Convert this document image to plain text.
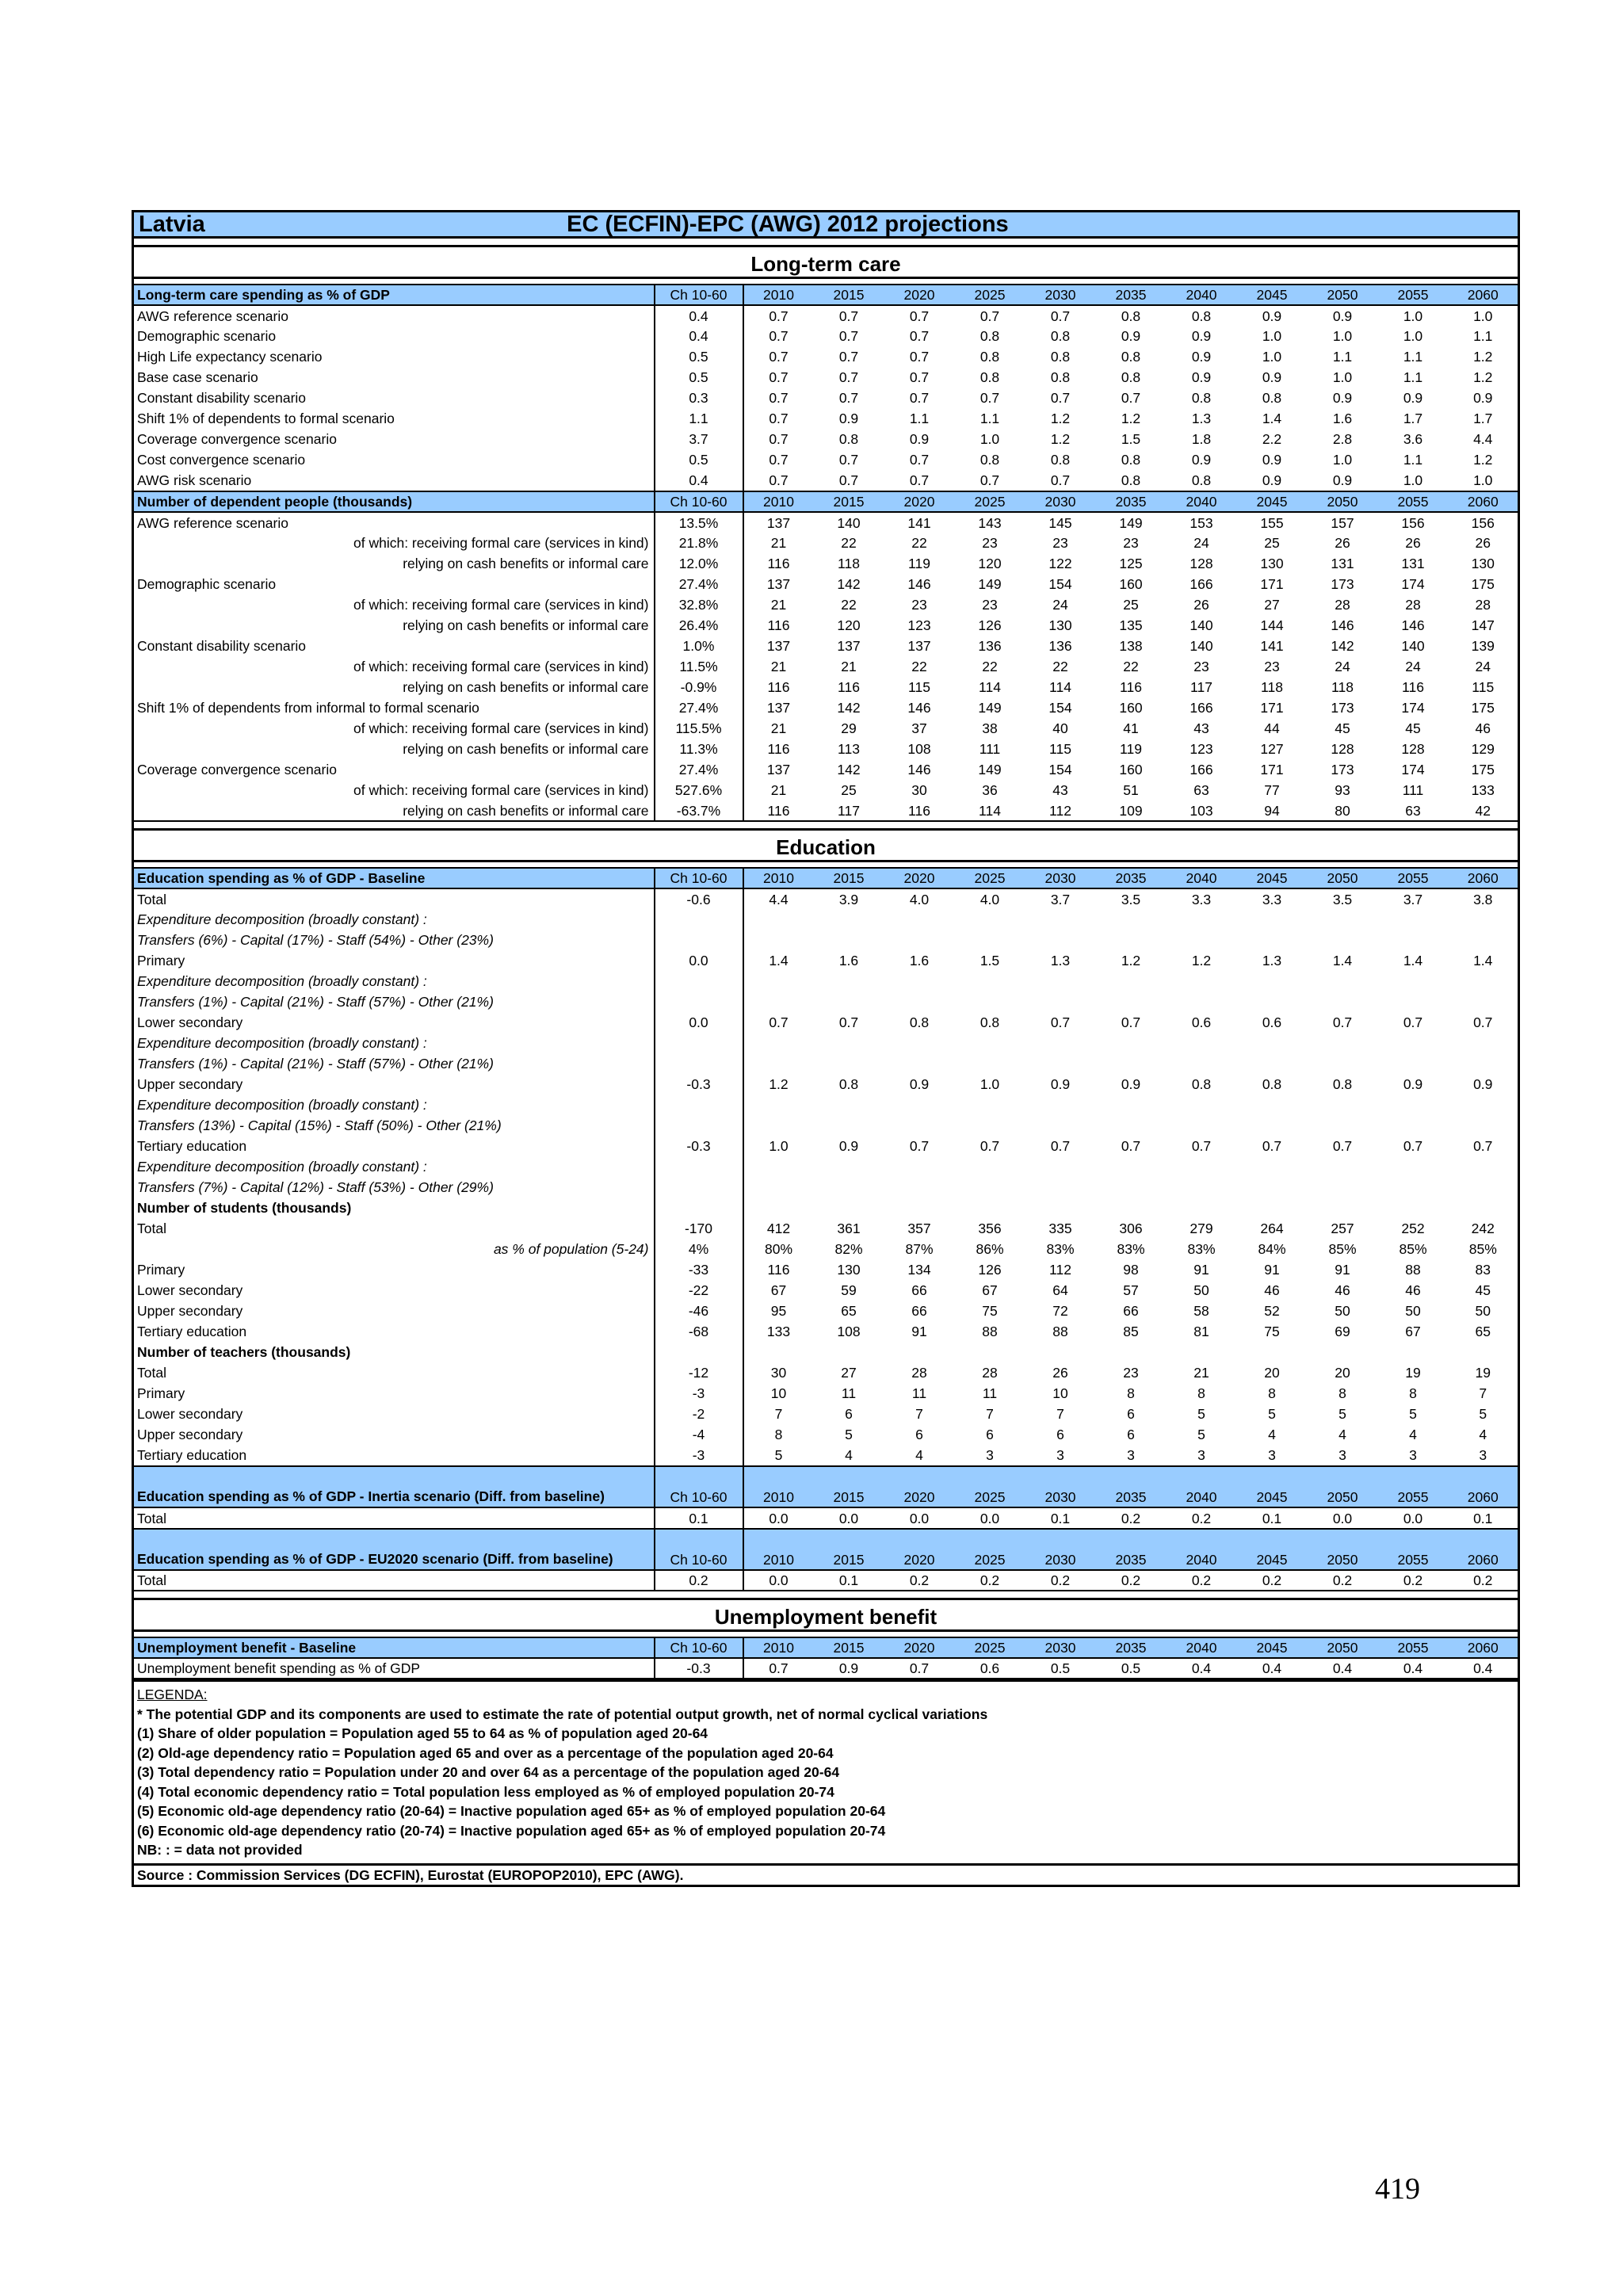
Latvia	EC (ECFIN)-EPC (AWG) 2012 projections
Long-term care
Long-term care spending as % of GDP	Ch 10-60	2010	2015	2020	2025	2030	2035	2040	2045	2050	2055	2060
AWG reference scenario	0.4	0.7	0.7	0.7	0.7	0.7	0.8	0.8	0.9	0.9	1.0	1.0
Demographic scenario	0.4	0.7	0.7	0.7	0.8	0.8	0.9	0.9	1.0	1.0	1.0	1.1
High Life expectancy scenario	0.5	0.7	0.7	0.7	0.8	0.8	0.8	0.9	1.0	1.1	1.1	1.2
Base case scenario	0.5	0.7	0.7	0.7	0.8	0.8	0.8	0.9	0.9	1.0	1.1	1.2
Constant disability scenario	0.3	0.7	0.7	0.7	0.7	0.7	0.7	0.8	0.8	0.9	0.9	0.9
Shift 1% of dependents to formal scenario	1.1	0.7	0.9	1.1	1.1	1.2	1.2	1.3	1.4	1.6	1.7	1.7
Coverage convergence scenario	3.7	0.7	0.8	0.9	1.0	1.2	1.5	1.8	2.2	2.8	3.6	4.4
Cost convergence scenario	0.5	0.7	0.7	0.7	0.8	0.8	0.8	0.9	0.9	1.0	1.1	1.2
AWG risk scenario	0.4	0.7	0.7	0.7	0.7	0.7	0.8	0.8	0.9	0.9	1.0	1.0
Number of dependent people (thousands)	Ch 10-60	2010	2015	2020	2025	2030	2035	2040	2045	2050	2055	2060
AWG reference scenario	13.5%	137	140	141	143	145	149	153	155	157	156	156
of which: receiving formal care (services in kind)	21.8%	21	22	22	23	23	23	24	25	26	26	26
relying on cash benefits or informal care	12.0%	116	118	119	120	122	125	128	130	131	131	130
Demographic scenario	27.4%	137	142	146	149	154	160	166	171	173	174	175
of which: receiving formal care (services in kind)	32.8%	21	22	23	23	24	25	26	27	28	28	28
relying on cash benefits or informal care	26.4%	116	120	123	126	130	135	140	144	146	146	147
Constant disability scenario	1.0%	137	137	137	136	136	138	140	141	142	140	139
of which: receiving formal care (services in kind)	11.5%	21	21	22	22	22	22	23	23	24	24	24
relying on cash benefits or informal care	-0.9%	116	116	115	114	114	116	117	118	118	116	115
Shift 1% of dependents from informal to formal scenario	27.4%	137	142	146	149	154	160	166	171	173	174	175
of which: receiving formal care (services in kind)	115.5%	21	29	37	38	40	41	43	44	45	45	46
relying on cash benefits or informal care	11.3%	116	113	108	111	115	119	123	127	128	128	129
Coverage convergence scenario	27.4%	137	142	146	149	154	160	166	171	173	174	175
of which: receiving formal care (services in kind)	527.6%	21	25	30	36	43	51	63	77	93	111	133
relying on cash benefits or informal care	-63.7%	116	117	116	114	112	109	103	94	80	63	42
Education
Education spending as % of GDP - Baseline	Ch 10-60	2010	2015	2020	2025	2030	2035	2040	2045	2050	2055	2060
Total	-0.6	4.4	3.9	4.0	4.0	3.7	3.5	3.3	3.3	3.5	3.7	3.8
Expenditure decomposition (broadly constant) :												
Transfers (6%) - Capital (17%) - Staff (54%) - Other (23%)												
Primary	0.0	1.4	1.6	1.6	1.5	1.3	1.2	1.2	1.3	1.4	1.4	1.4
Expenditure decomposition (broadly constant) :												
Transfers (1%) - Capital (21%) - Staff (57%) - Other (21%)												
Lower secondary	0.0	0.7	0.7	0.8	0.8	0.7	0.7	0.6	0.6	0.7	0.7	0.7
Expenditure decomposition (broadly constant) :												
Transfers (1%) - Capital (21%) - Staff (57%) - Other (21%)												
Upper secondary	-0.3	1.2	0.8	0.9	1.0	0.9	0.9	0.8	0.8	0.8	0.9	0.9
Expenditure decomposition (broadly constant) :												
Transfers (13%) - Capital (15%) - Staff (50%) - Other (21%)												
Tertiary education	-0.3	1.0	0.9	0.7	0.7	0.7	0.7	0.7	0.7	0.7	0.7	0.7
Expenditure decomposition (broadly constant) :												
Transfers (7%) - Capital (12%) - Staff (53%) - Other (29%)												
Number of students (thousands)												
Total	-170	412	361	357	356	335	306	279	264	257	252	242
as % of population (5-24)	4%	80%	82%	87%	86%	83%	83%	83%	84%	85%	85%	85%
Primary	-33	116	130	134	126	112	98	91	91	91	88	83
Lower secondary	-22	67	59	66	67	64	57	50	46	46	46	45
Upper secondary	-46	95	65	66	75	72	66	58	52	50	50	50
Tertiary education	-68	133	108	91	88	88	85	81	75	69	67	65
Number of teachers (thousands)												
Total	-12	30	27	28	28	26	23	21	20	20	19	19
Primary	-3	10	11	11	11	10	8	8	8	8	8	7
Lower secondary	-2	7	6	7	7	7	6	5	5	5	5	5
Upper secondary	-4	8	5	6	6	6	6	5	4	4	4	4
Tertiary education	-3	5	4	4	3	3	3	3	3	3	3	3
Education spending as % of GDP - Inertia scenario (Diff. from baseline)	Ch 10-60	2010	2015	2020	2025	2030	2035	2040	2045	2050	2055	2060
Total	0.1	0.0	0.0	0.0	0.0	0.1	0.2	0.2	0.1	0.0	0.0	0.1
Education spending as % of GDP - EU2020 scenario (Diff. from baseline)	Ch 10-60	2010	2015	2020	2025	2030	2035	2040	2045	2050	2055	2060
Total	0.2	0.0	0.1	0.2	0.2	0.2	0.2	0.2	0.2	0.2	0.2	0.2
Unemployment benefit
Unemployment benefit - Baseline	Ch 10-60	2010	2015	2020	2025	2030	2035	2040	2045	2050	2055	2060
Unemployment benefit spending as % of GDP	-0.3	0.7	0.9	0.7	0.6	0.5	0.5	0.4	0.4	0.4	0.4	0.4
LEGENDA:
* The potential GDP and its components are used to estimate the rate of potential output growth, net of normal cyclical variations
(1) Share of older population = Population aged 55 to 64 as % of population aged 20-64
(2) Old-age dependency ratio = Population aged 65 and over as a percentage of the population aged 20-64
(3) Total dependency ratio = Population under 20 and over 64 as a percentage of the population aged 20-64
(4) Total economic dependency ratio = Total population less employed as % of employed population 20-74
(5) Economic old-age dependency ratio (20-64) = Inactive population aged 65+ as % of employed population 20-64
(6) Economic old-age dependency ratio (20-74) = Inactive population aged 65+ as % of employed population 20-74
NB: : = data not provided
Source : Commission Services (DG ECFIN), Eurostat (EUROPOP2010), EPC (AWG).
419
